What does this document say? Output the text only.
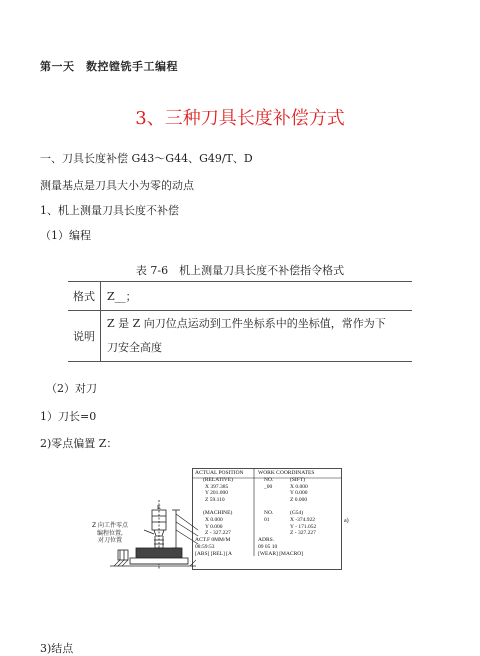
第一天　数控镗铣手工编程
3、三种刀具长度补偿方式
一、刀具长度补偿 G43～G44、G49/T、D
测量基点是刀具大小为零的动点
1、机上测量刀具长度不补偿
（1）编程
表 7-6　机上测量刀具长度不补偿指令格式
格式	Z__；
说明	Z 是 Z 向刀位点运动到工件坐标系中的坐标值，常作为下
刀安全高度
（2）对刀
1）刀长=0
2)零点偏置 Z：
Z 向工件零点
编程位置,
对刀位置
E
ACTUAL POSITION
(RELATIVE)
X 397.385
Y 201.000
Z 59.110
(MACHINE)
X 0.000
Y 0.000
Z - 327.227
ACT.F 0MM/M
08:59:53
[ABS] [REL] [A
WORK COORDINATES
NO.	(SIFT)
_00	X 0.000
Y 0.000
Z 0.000
NO.	(G54)
01	X -374.922
Y - 171.052
Z - 327.227
ADRS.
09 05 10
[WEAR] [MACRO]
a)
3)结点
